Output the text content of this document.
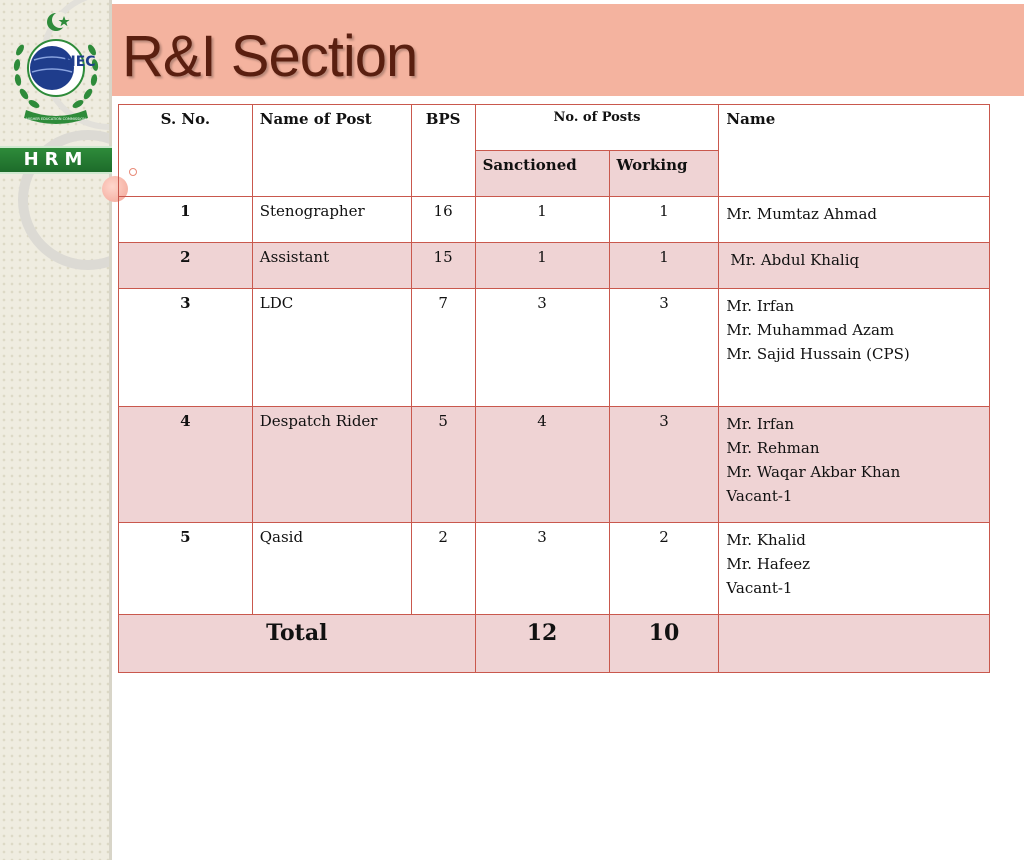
HEC
HIGHER EDUCATION COMMISSION
HRM
R&I Section
S. No.	Name of Post	BPS	No. of Posts		Name
			Sanctioned	Working	
1	Stenographer	16	1	1	Mr. Mumtaz Ahmad

2	Assistant	15	1	1	Mr. Abdul Khaliq

3	LDC	7	3	3	Mr. Irfan
Mr. Muhammad Azam
Mr. Sajid Hussain (CPS)

4	Despatch Rider	5	4	3	Mr. Irfan
Mr. Rehman
Mr. Waqar Akbar Khan
Vacant-1

5	Qasid	2	3	2	Mr. Khalid
Mr. Hafeez
Vacant-1

Total			12	10	
